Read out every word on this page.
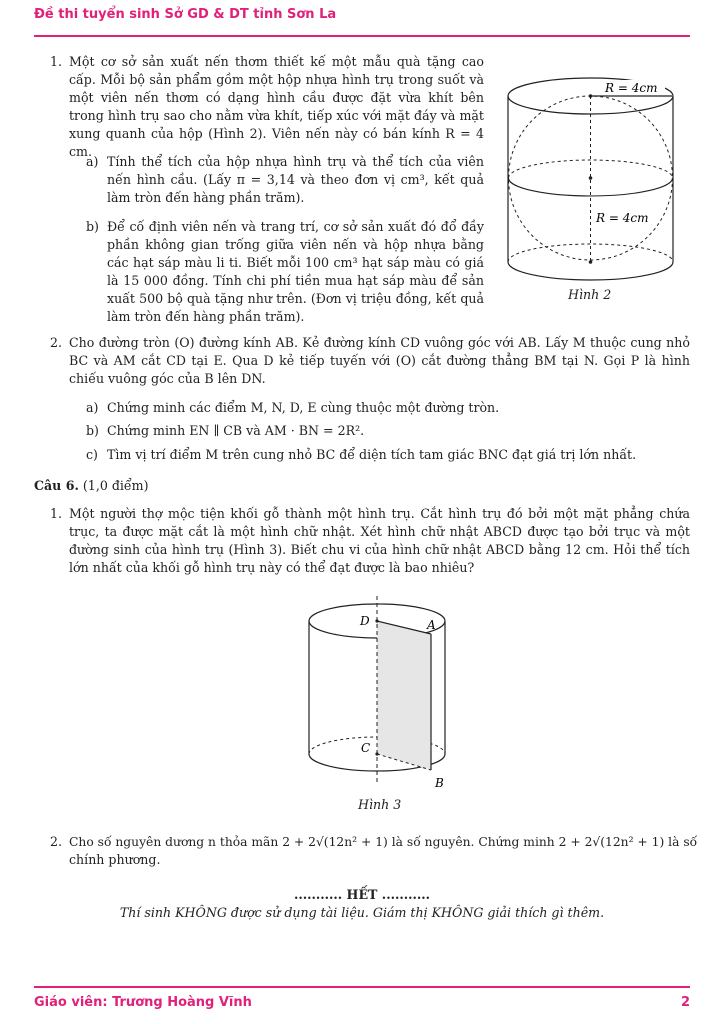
Đề thi tuyển sinh Sở GD & DT tỉnh Sơn La
1. Một cơ sở sản xuất nến thơm thiết kế một mẫu quà tặng cao cấp. Mỗi bộ sản phẩm gồm một hộp nhựa hình trụ trong suốt và một viên nến thơm có dạng hình cầu được đặt vừa khít bên trong hình trụ sao cho nằm vừa khít, tiếp xúc với mặt đáy và mặt xung quanh của hộp (Hình 2). Viên nến này có bán kính R = 4 cm.
a) Tính thể tích của hộp nhựa hình trụ và thể tích của viên nến hình cầu. (Lấy π = 3,14 và theo đơn vị cm³, kết quả làm tròn đến hàng phần trăm).
b) Để cố định viên nến và trang trí, cơ sở sản xuất đó đổ đầy phần không gian trống giữa viên nến và hộp nhựa bằng các hạt sáp màu li ti. Biết mỗi 100 cm³ hạt sáp màu có giá là 15 000 đồng. Tính chi phí tiền mua hạt sáp màu để sản xuất 500 bộ quà tặng như trên. (Đơn vị triệu đồng, kết quả làm tròn đến hàng phần trăm).
R = 4cm
R = 4cm
Hình 2
2. Cho đường tròn (O) đường kính AB. Kẻ đường kính CD vuông góc với AB. Lấy M thuộc cung nhỏ BC và AM cắt CD tại E. Qua D kẻ tiếp tuyến với (O) cắt đường thẳng BM tại N. Gọi P là hình chiếu vuông góc của B lên DN.
a) Chứng minh các điểm M, N, D, E cùng thuộc một đường tròn.
b) Chứng minh EN ∥ CB và AM · BN = 2R².
c) Tìm vị trí điểm M trên cung nhỏ BC để diện tích tam giác BNC đạt giá trị lớn nhất.
Câu 6. (1,0 điểm)
1. Một người thợ mộc tiện khối gỗ thành một hình trụ. Cắt hình trụ đó bởi một mặt phẳng chứa trục, ta được mặt cắt là một hình chữ nhật. Xét hình chữ nhật ABCD được tạo bởi trục và một đường sinh của hình trụ (Hình 3). Biết chu vi của hình chữ nhật ABCD bằng 12 cm. Hỏi thể tích lớn nhất của khối gỗ hình trụ này có thể đạt được là bao nhiêu?
D	A
C
B
Hình 3
2. Cho số nguyên dương n thỏa mãn 2 + 2√(12n² + 1) là số nguyên. Chứng minh 2 + 2√(12n² + 1) là số
chính phương.
........... HẾT ...........
Thí sinh KHÔNG được sử dụng tài liệu. Giám thị KHÔNG giải thích gì thêm.
Giáo viên: Trương Hoàng Vĩnh	2
